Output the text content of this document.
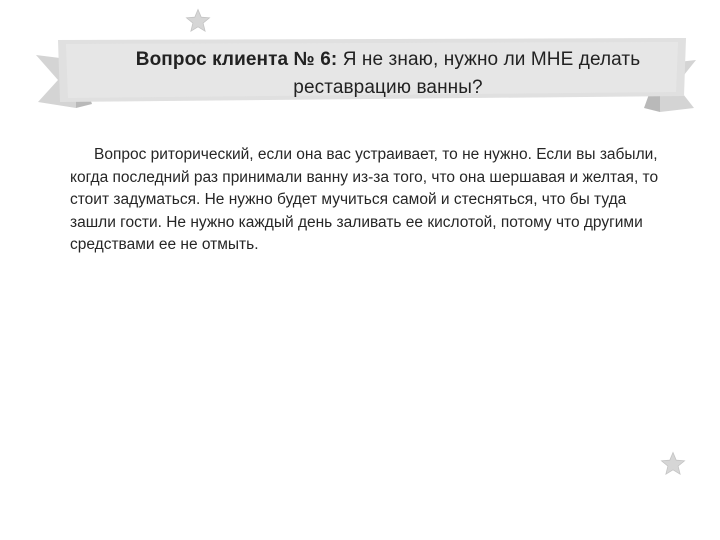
Вопрос клиента № 6: Я не знаю, нужно ли МНЕ делать реставрацию ванны?
Вопрос риторический, если она вас устраивает, то не нужно. Если вы забыли, когда последний раз принимали ванну из-за того, что она шершавая и желтая, то стоит задуматься. Не нужно будет мучиться самой и стесняться, что бы туда зашли гости. Не нужно каждый день заливать ее кислотой, потому что другими средствами ее не отмыть.
